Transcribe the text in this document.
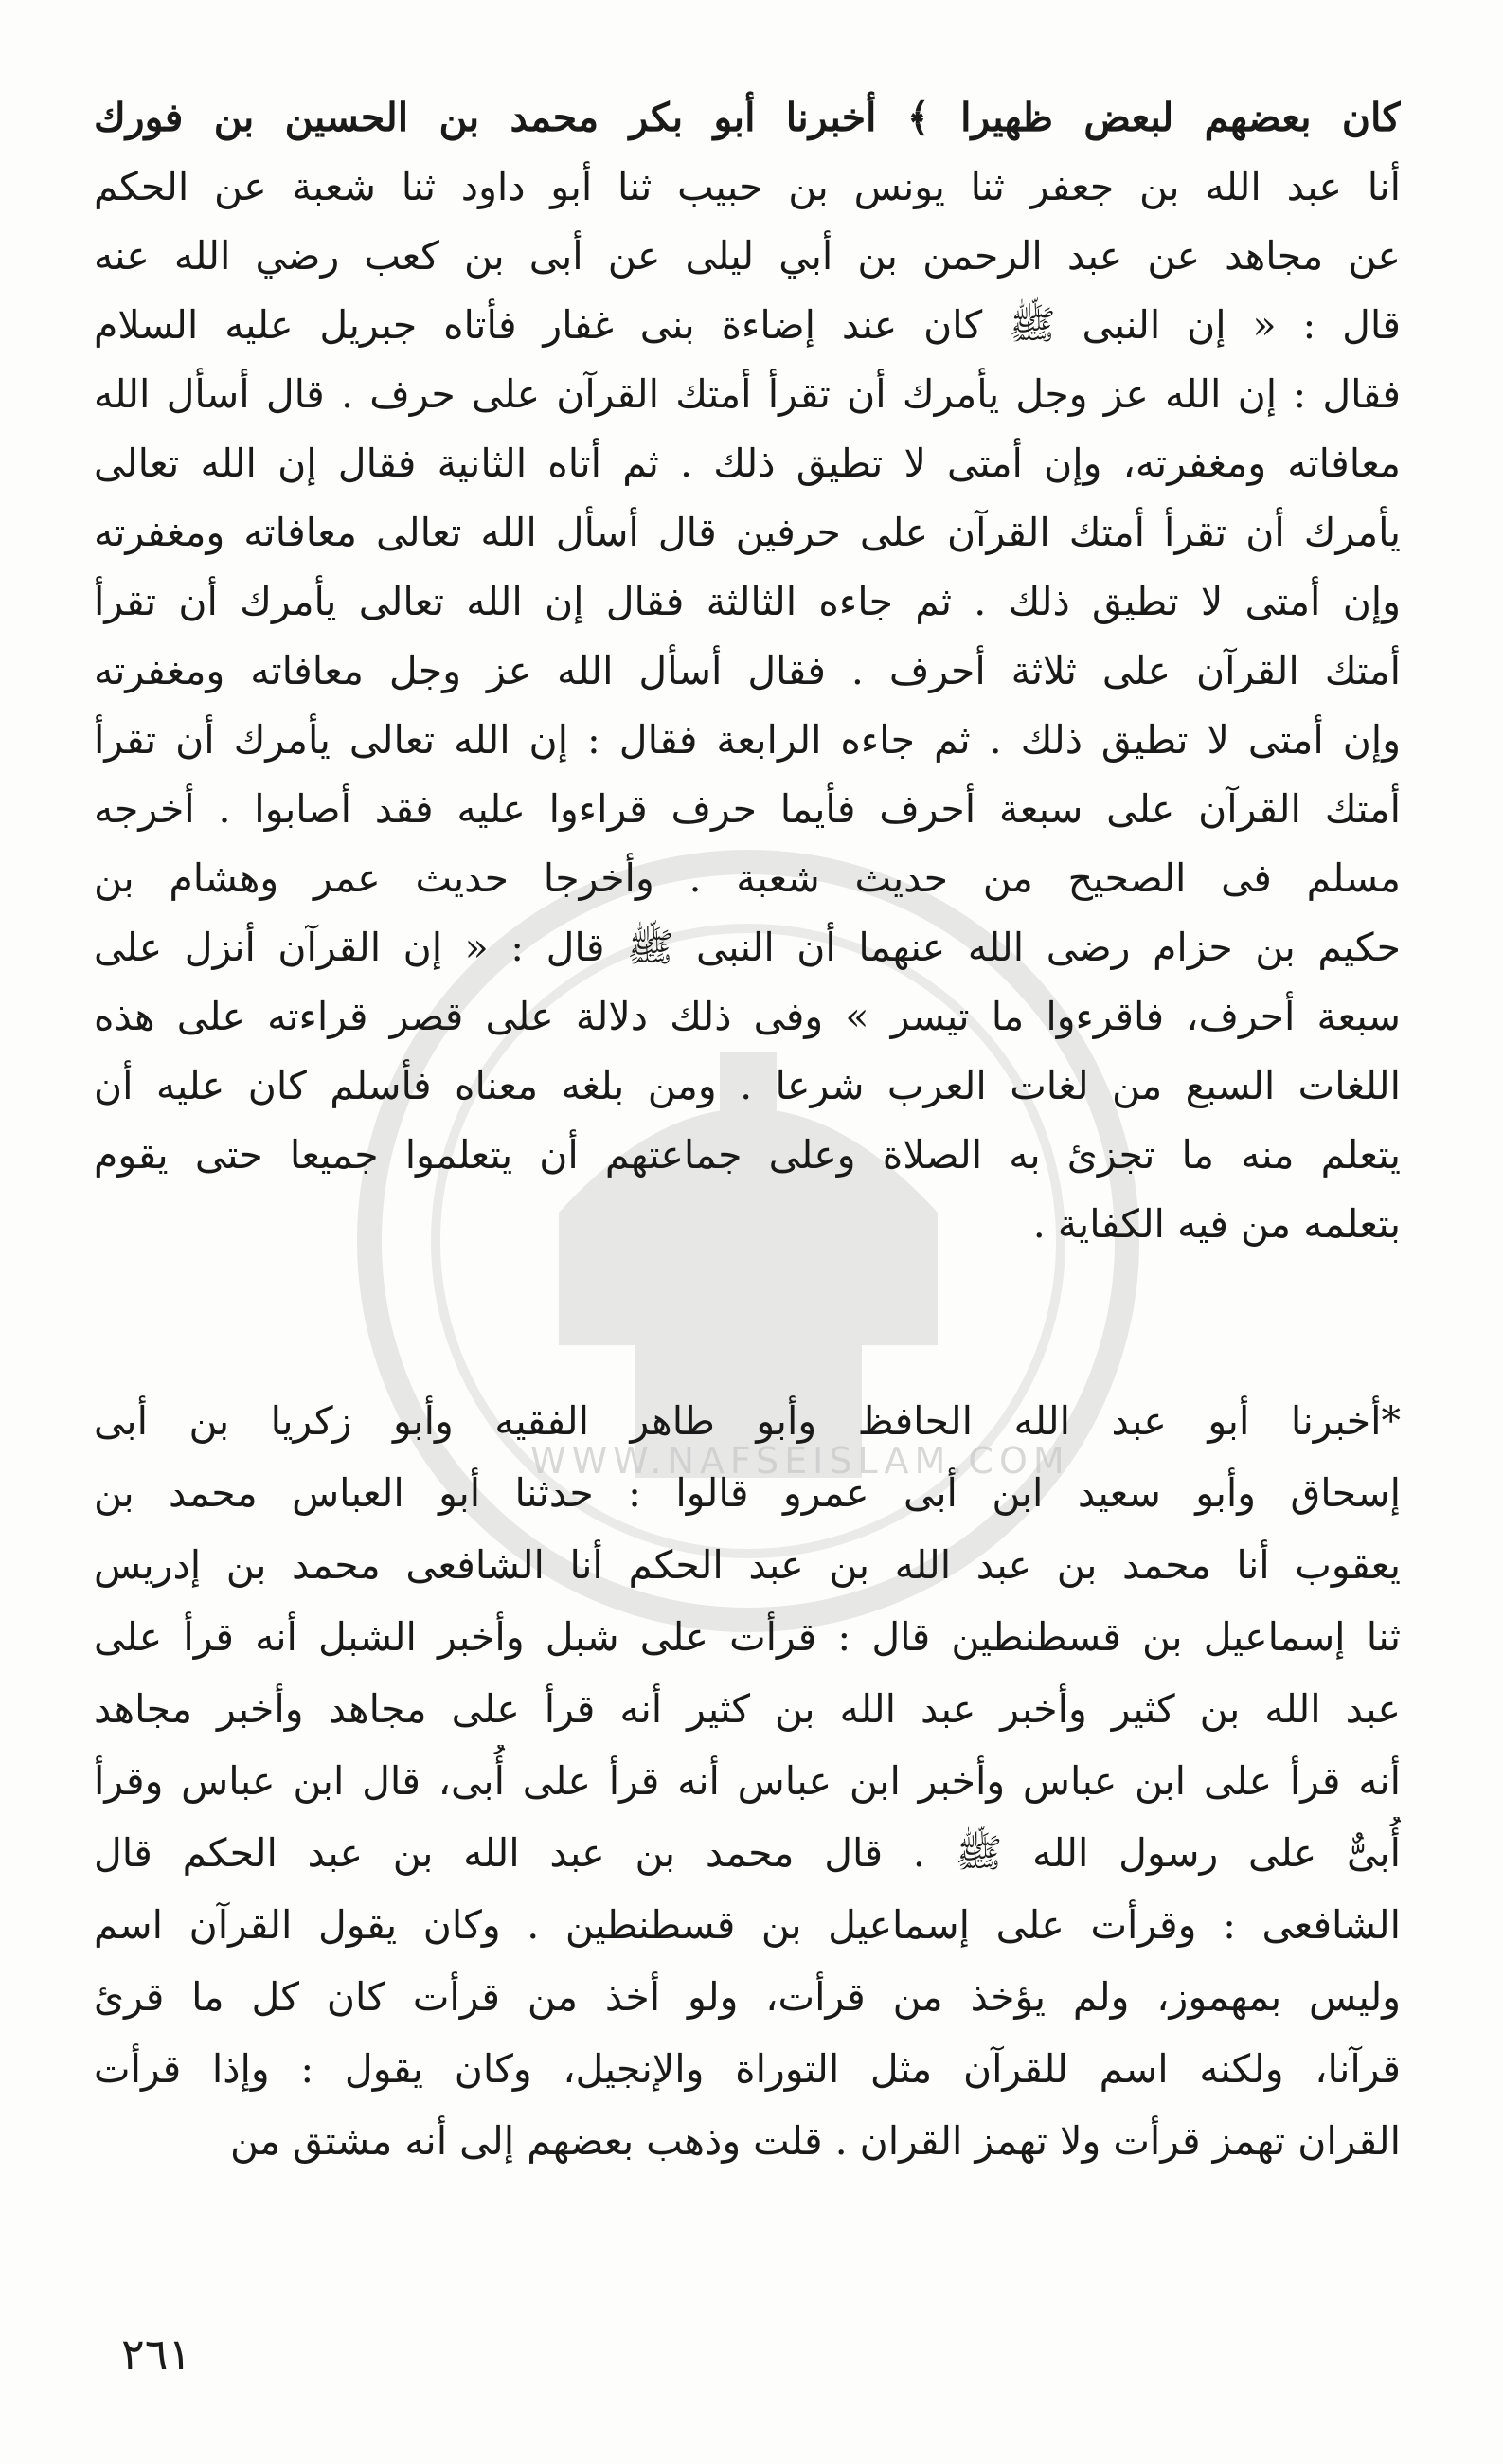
WWW.NAFSEISLAM.COM
كان بعضهم لبعض ظهيرا ﴾ أخبرنا أبو بكر محمد بن الحسين بن فورك
أنا عبد الله بن جعفر ثنا يونس بن حبيب ثنا أبو داود ثنا شعبة عن الحكم
عن مجاهد عن عبد الرحمن بن أبي ليلى عن أبى بن كعب رضي الله عنه
قال : « إن النبى ﷺ كان عند إضاءة بنى غفار فأتاه جبريل عليه السلام
فقال : إن الله عز وجل يأمرك أن تقرأ أمتك القرآن على حرف . قال أسأل الله
معافاته ومغفرته، وإن أمتى لا تطيق ذلك . ثم أتاه الثانية فقال إن الله تعالى
يأمرك أن تقرأ أمتك القرآن على حرفين قال أسأل الله تعالى معافاته ومغفرته
وإن أمتى لا تطيق ذلك . ثم جاءه الثالثة فقال إن الله تعالى يأمرك أن تقرأ
أمتك القرآن على ثلاثة أحرف . فقال أسأل الله عز وجل معافاته ومغفرته
وإن أمتى لا تطيق ذلك . ثم جاءه الرابعة فقال : إن الله تعالى يأمرك أن تقرأ
أمتك القرآن على سبعة أحرف فأيما حرف قراءوا عليه فقد أصابوا . أخرجه
مسلم فى الصحيح من حديث شعبة . وأخرجا حديث عمر وهشام بن
حكيم بن حزام رضى الله عنهما أن النبى ﷺ قال : « إن القرآن أنزل على
سبعة أحرف، فاقرءوا ما تيسر » وفى ذلك دلالة على قصر قراءته على هذه
اللغات السبع من لغات العرب شرعا . ومن بلغه معناه فأسلم كان عليه أن
يتعلم منه ما تجزئ به الصلاة وعلى جماعتهم أن يتعلموا جميعا حتى يقوم
بتعلمه من فيه الكفاية .
*أخبرنا أبو عبد الله الحافظ وأبو طاهر الفقيه وأبو زكريا بن أبى
إسحاق وأبو سعيد ابن أبى عمرو قالوا : حدثنا أبو العباس محمد بن
يعقوب أنا محمد بن عبد الله بن عبد الحكم أنا الشافعى محمد بن إدريس
ثنا إسماعيل بن قسطنطين قال : قرأت على شبل وأخبر الشبل أنه قرأ على
عبد الله بن كثير وأخبر عبد الله بن كثير أنه قرأ على مجاهد وأخبر مجاهد
أنه قرأ على ابن عباس وأخبر ابن عباس أنه قرأ على أُبى، قال ابن عباس وقرأ
أُبىٌّ على رسول الله ﷺ . قال محمد بن عبد الله بن عبد الحكم قال
الشافعى : وقرأت على إسماعيل بن قسطنطين . وكان يقول القرآن اسم
وليس بمهموز، ولم يؤخذ من قرأت، ولو أخذ من قرأت كان كل ما قرئ
قرآنا، ولكنه اسم للقرآن مثل التوراة والإنجيل، وكان يقول : وإذا قرأت
القران تهمز قرأت ولا تهمز القران . قلت وذهب بعضهم إلى أنه مشتق من
٢٦١
